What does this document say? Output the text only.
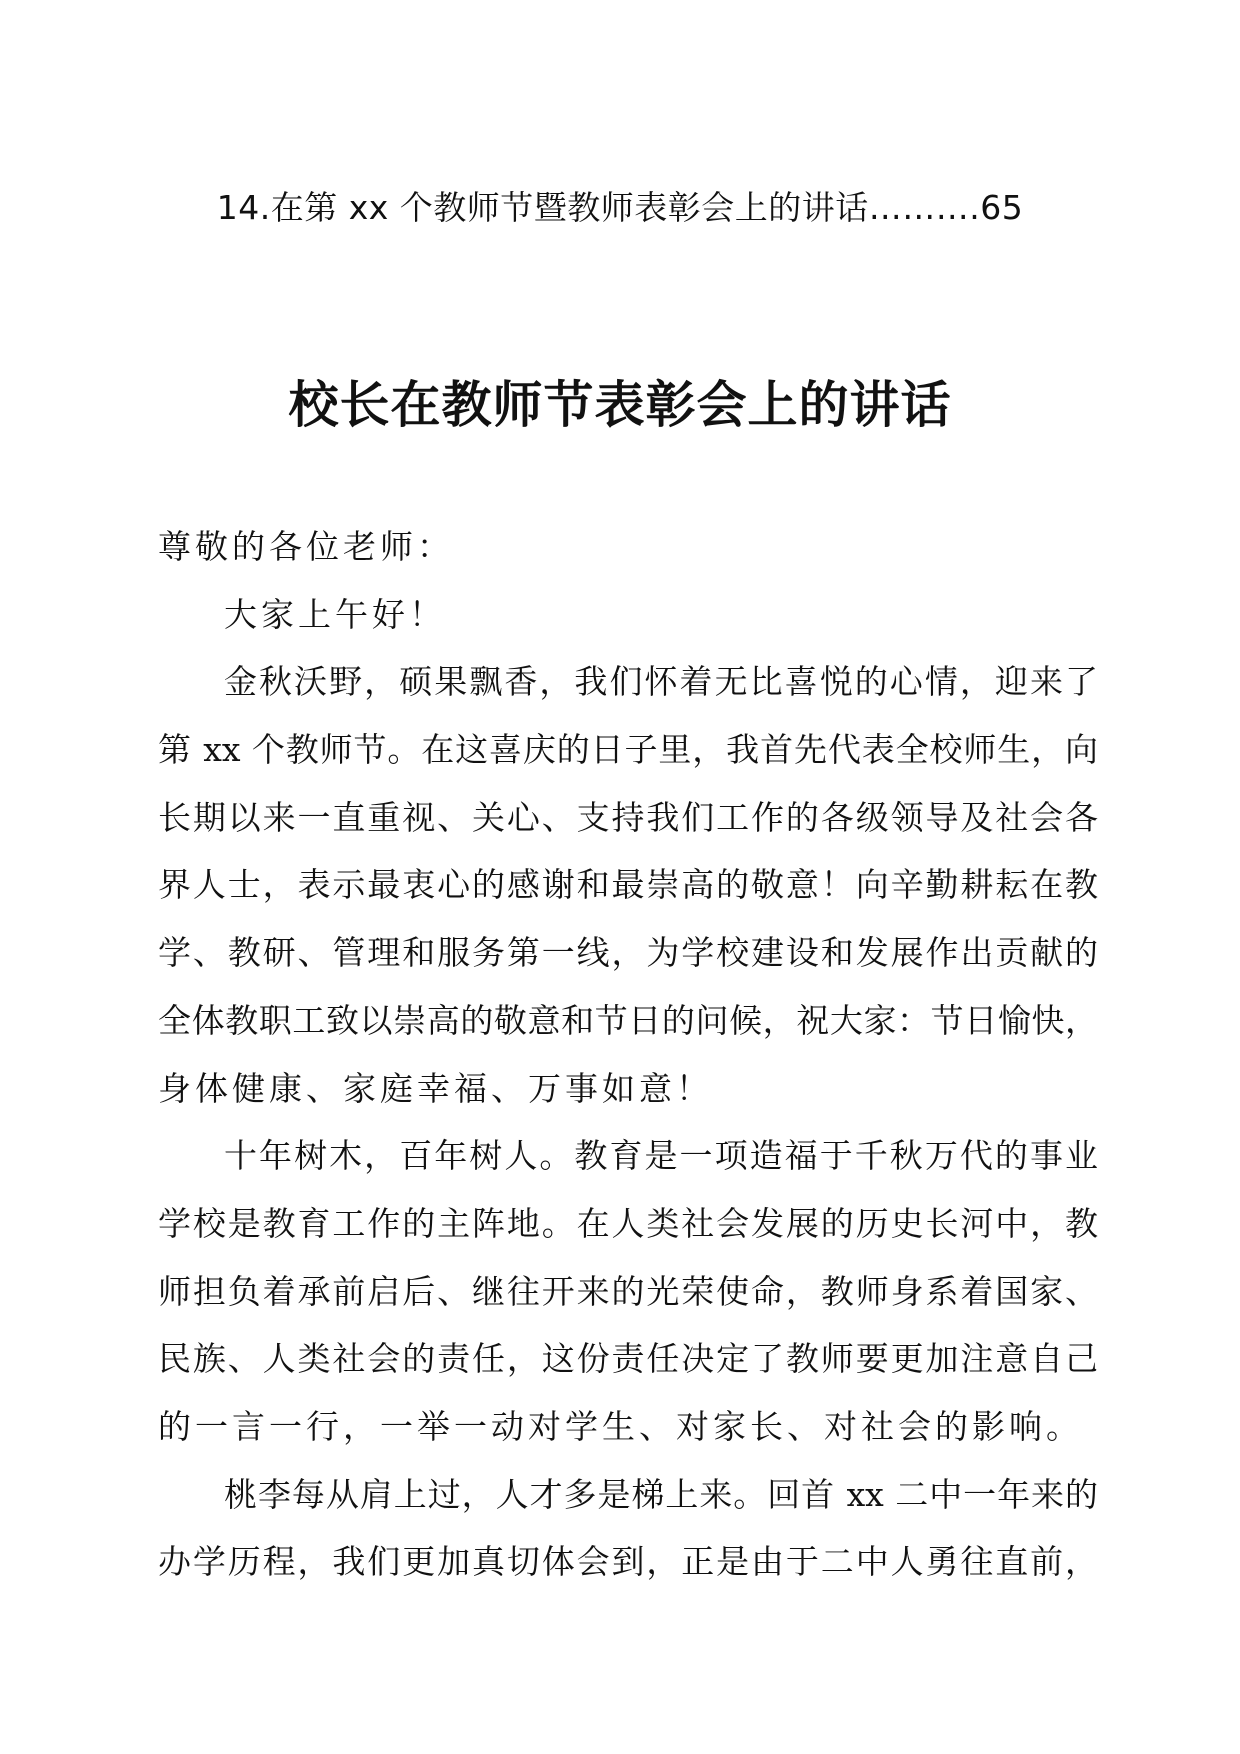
14.在第 xx 个教师节暨教师表彰会上的讲话……….65
校长在教师节表彰会上的讲话
尊敬的各位老师：
大家上午好！
金秋沃野，硕果飘香，我们怀着无比喜悦的心情，迎来了
第 xx 个教师节。在这喜庆的日子里，我首先代表全校师生，向
长期以来一直重视、关心、支持我们工作的各级领导及社会各
界人士，表示最衷心的感谢和最崇高的敬意！向辛勤耕耘在教
学、教研、管理和服务第一线，为学校建设和发展作出贡献的
全体教职工致以崇高的敬意和节日的问候，祝大家：节日愉快，
身体健康、家庭幸福、万事如意！
十年树木，百年树人。教育是一项造福于千秋万代的事业
学校是教育工作的主阵地。在人类社会发展的历史长河中，教
师担负着承前启后、继往开来的光荣使命，教师身系着国家、
民族、人类社会的责任，这份责任决定了教师要更加注意自己
的一言一行，一举一动对学生、对家长、对社会的影响。
桃李每从肩上过，人才多是梯上来。回首 xx 二中一年来的
办学历程，我们更加真切体会到，正是由于二中人勇往直前，
